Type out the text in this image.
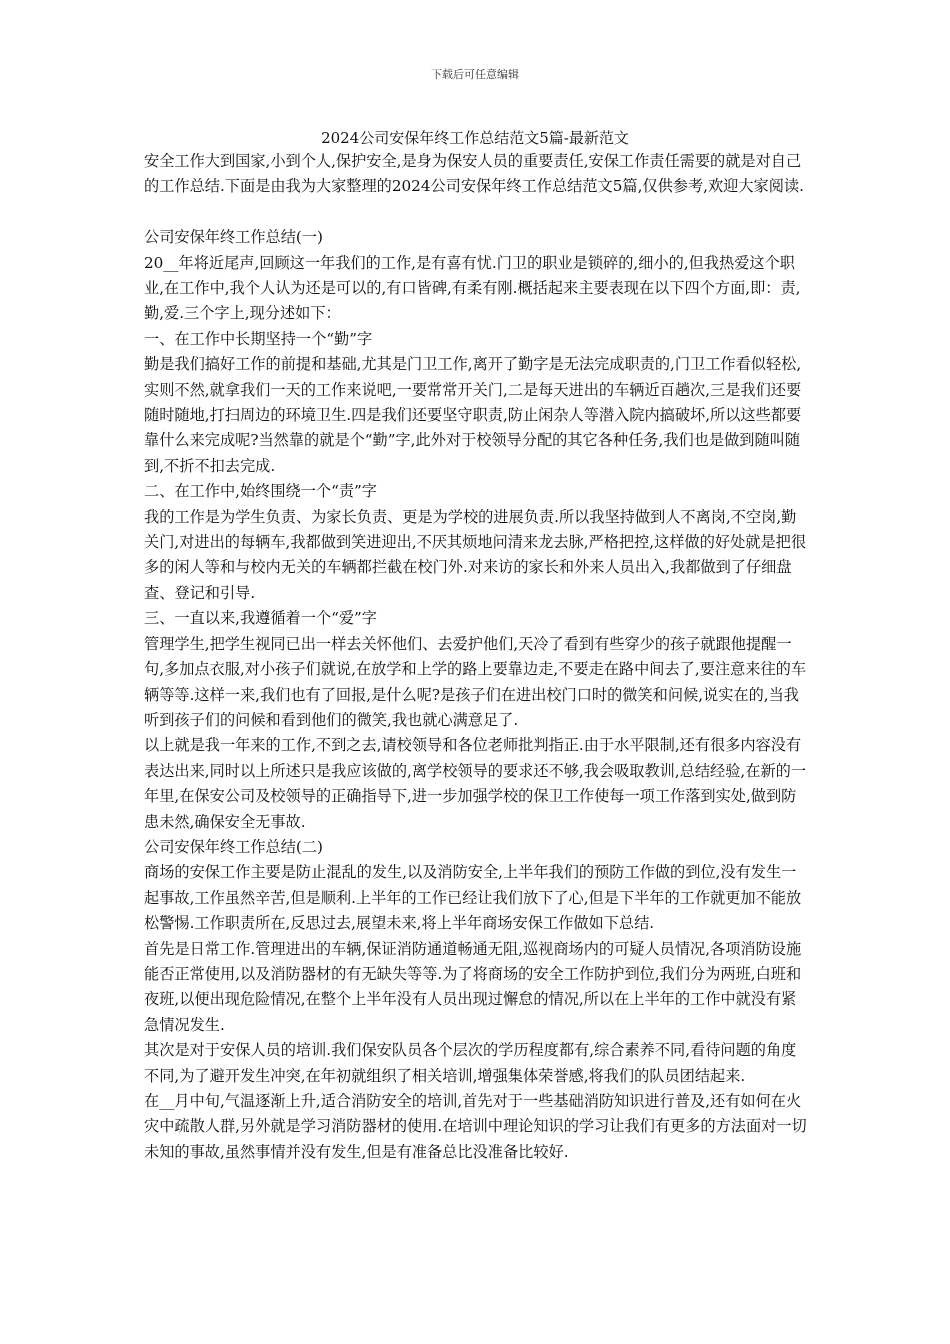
下载后可任意编辑
2024公司安保年终工作总结范文5篇-最新范文

安全工作大到国家,小到个人,保护安全,是身为保安人员的重要责任,安保工作责任需要的就是对自己的工作总结.下面是由我为大家整理的2024公司安保年终工作总结范文5篇,仅供参考,欢迎大家阅读.

公司安保年终工作总结(一)

20__年将近尾声,回顾这一年我们的工作,是有喜有忧.门卫的职业是锁碎的,细小的,但我热爱这个职业,在工作中,我个人认为还是可以的,有口皆碑,有柔有刚.概括起来主要表现在以下四个方面,即：责,勤,爱.三个字上,现分述如下：

一、在工作中长期坚持一个“勤”字

勤是我们搞好工作的前提和基础,尤其是门卫工作,离开了勤字是无法完成职责的,门卫工作看似轻松,实则不然,就拿我们一天的工作来说吧,一要常常开关门,二是每天进出的车辆近百趟次,三是我们还要随时随地,打扫周边的环境卫生.四是我们还要坚守职责,防止闲杂人等潜入院内搞破坏,所以这些都要靠什么来完成呢?当然靠的就是个“勤”字,此外对于校领导分配的其它各种任务,我们也是做到随叫随到,不折不扣去完成.

二、在工作中,始终围绕一个“责”字

我的工作是为学生负责、为家长负责、更是为学校的进展负责.所以我坚持做到人不离岗,不空岗,勤关门,对进出的每辆车,我都做到笑进迎出,不厌其烦地问清来龙去脉,严格把控,这样做的好处就是把很多的闲人等和与校内无关的车辆都拦截在校门外.对来访的家长和外来人员出入,我都做到了仔细盘查、登记和引导.

三、一直以来,我遵循着一个“爱”字

管理学生,把学生视同已出一样去关怀他们、去爱护他们,天冷了看到有些穿少的孩子就跟他提醒一句,多加点衣服,对小孩子们就说,在放学和上学的路上要靠边走,不要走在路中间去了,要注意来往的车辆等等.这样一来,我们也有了回报,是什么呢?是孩子们在进出校门口时的微笑和问候,说实在的,当我听到孩子们的问候和看到他们的微笑,我也就心满意足了.

以上就是我一年来的工作,不到之去,请校领导和各位老师批判指正.由于水平限制,还有很多内容没有表达出来,同时以上所述只是我应该做的,离学校领导的要求还不够,我会吸取教训,总结经验,在新的一年里,在保安公司及校领导的正确指导下,进一步加强学校的保卫工作使每一项工作落到实处,做到防患未然,确保安全无事故.

公司安保年终工作总结(二)

商场的安保工作主要是防止混乱的发生,以及消防安全,上半年我们的预防工作做的到位,没有发生一起事故,工作虽然辛苦,但是顺利.上半年的工作已经让我们放下了心,但是下半年的工作就更加不能放松警惕.工作职责所在,反思过去,展望未来,将上半年商场安保工作做如下总结.

首先是日常工作.管理进出的车辆,保证消防通道畅通无阻,巡视商场内的可疑人员情况,各项消防设施能否正常使用,以及消防器材的有无缺失等等.为了将商场的安全工作防护到位,我们分为两班,白班和夜班,以便出现危险情况,在整个上半年没有人员出现过懈怠的情况,所以在上半年的工作中就没有紧急情况发生.

其次是对于安保人员的培训.我们保安队员各个层次的学历程度都有,综合素养不同,看待问题的角度不同,为了避开发生冲突,在年初就组织了相关培训,增强集体荣誉感,将我们的队员团结起来.

在__月中旬,气温逐渐上升,适合消防安全的培训,首先对于一些基础消防知识进行普及,还有如何在火灾中疏散人群,另外就是学习消防器材的使用.在培训中理论知识的学习让我们有更多的方法面对一切未知的事故,虽然事情并没有发生,但是有准备总比没准备比较好.
